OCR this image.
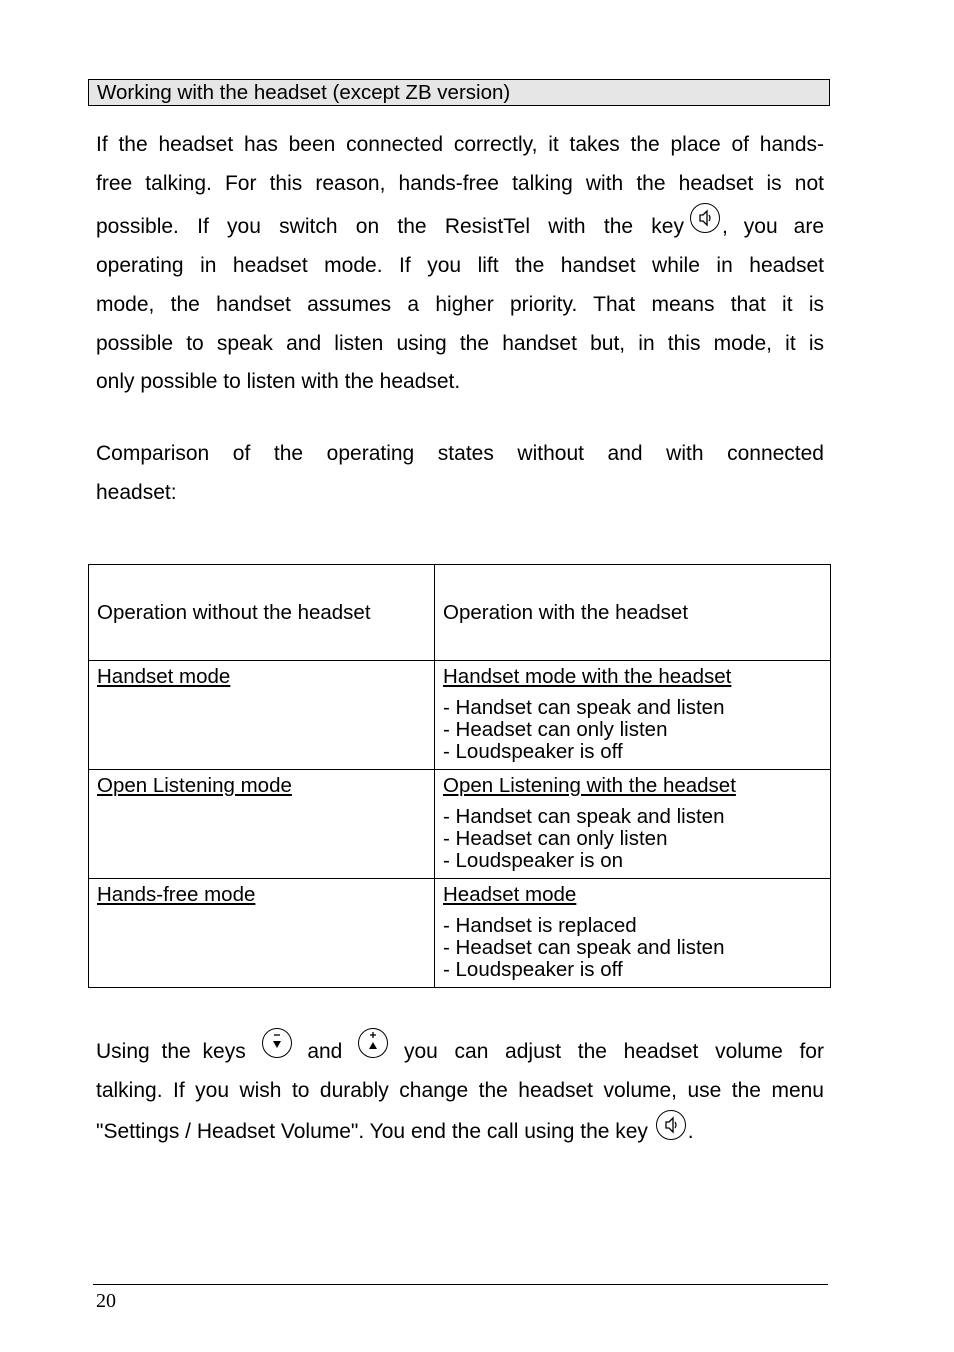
Working with the headset (except ZB version)
If the headset has been connected correctly, it takes the place of hands-
free talking. For this reason, hands-free talking with the headset is not
possible. If you switch on the ResistTel with the key , you are
operating in headset mode. If you lift the handset while in headset
mode, the handset assumes a higher priority. That means that it is
possible to speak and listen using the handset but, in this mode, it is
only possible to listen with the headset.
Comparison of the operating states without and with connected
headset:
Operation without the headset	Operation with the headset

Handset mode	Handset mode with the headset
- Handset can speak and listen
- Headset can only listen
- Loudspeaker is off

Open Listening mode	Open Listening with the headset
- Handset can speak and listen
- Headset can only listen
- Loudspeaker is on

Hands-free mode	Headset mode
- Handset is replaced
- Headset can speak and listen
- Loudspeaker is off
Using the keys	and	you can adjust the headset volume for
talking. If you wish to durably change the headset volume, use the menu
"Settings / Headset Volume". You end the call using the key .
20
